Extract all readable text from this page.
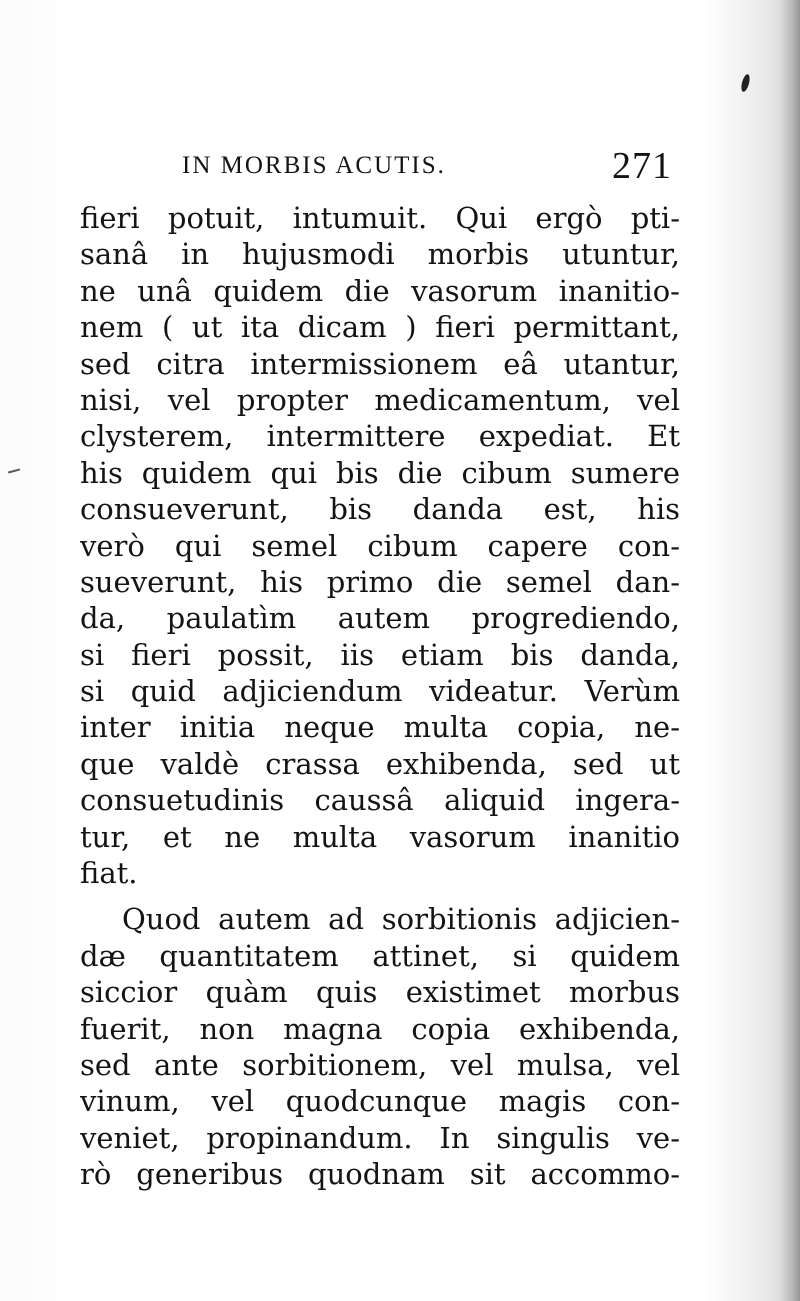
IN MORBIS ACUTIS.	271
fieri potuit, intumuit. Qui ergò pti-
sanâ in hujusmodi morbis utuntur,
ne unâ quidem die vasorum inanitio-
nem ( ut ita dicam ) fieri permittant,
sed citra intermissionem eâ utantur,
nisi, vel propter medicamentum, vel
clysterem, intermittere expediat. Et
his quidem qui bis die cibum sumere
consueverunt, bis danda est, his
verò qui semel cibum capere con-
sueverunt, his primo die semel dan-
da, paulatìm autem progrediendo,
si fieri possit, iis etiam bis danda,
si quid adjiciendum videatur. Verùm
inter initia neque multa copia, ne-
que valdè crassa exhibenda, sed ut
consuetudinis caussâ aliquid ingera-
tur, et ne multa vasorum inanitio
fiat.
Quod autem ad sorbitionis adjicien-
dæ quantitatem attinet, si quidem
siccior quàm quis existimet morbus
fuerit, non magna copia exhibenda,
sed ante sorbitionem, vel mulsa, vel
vinum, vel quodcunque magis con-
veniet, propinandum. In singulis ve-
rò generibus quodnam sit accommo-
